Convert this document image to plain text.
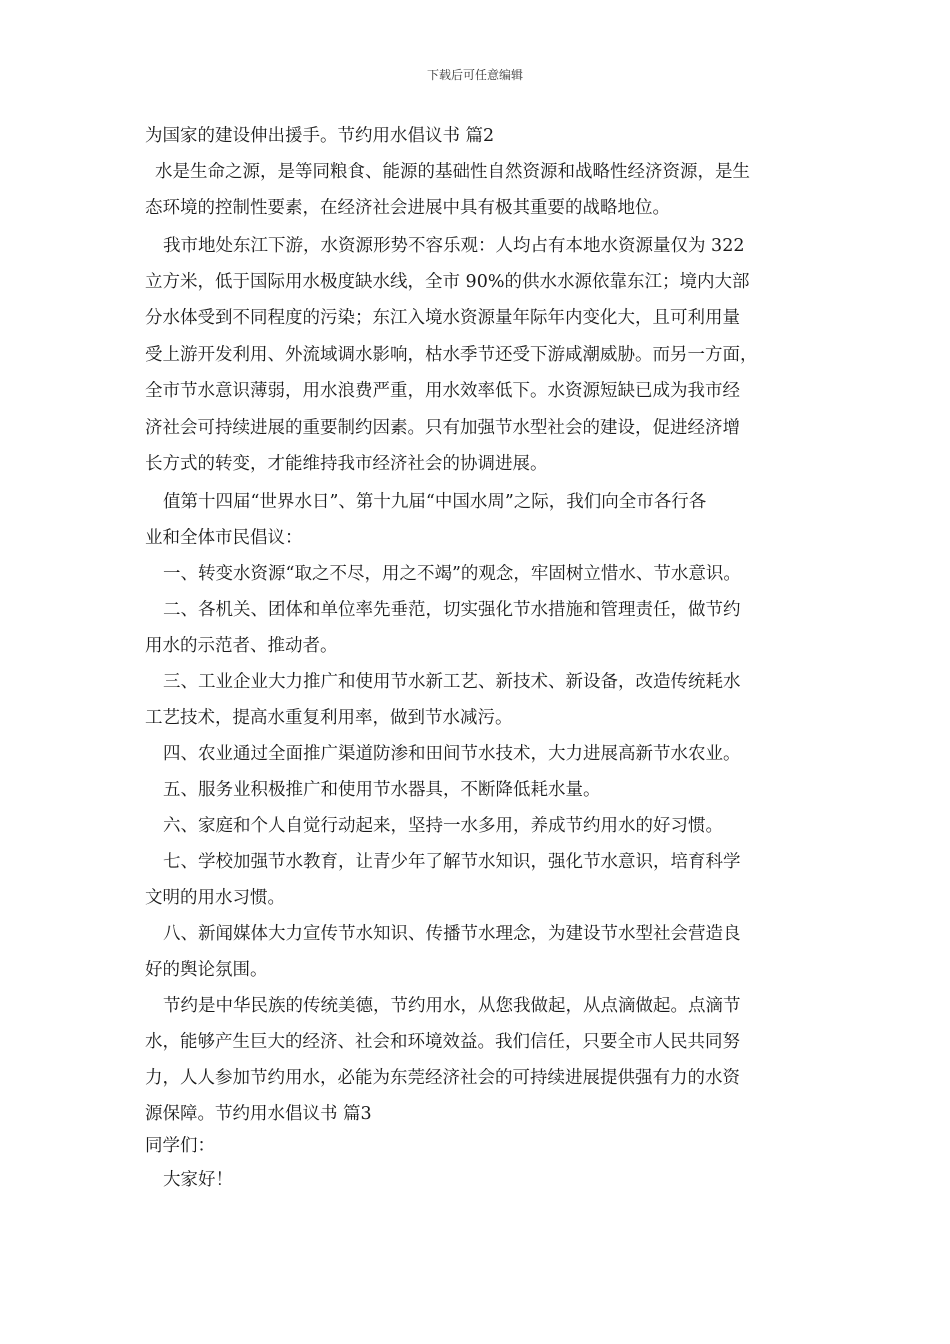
下载后可任意编辑
为国家的建设伸出援手。节约用水倡议书 篇2
水是生命之源，是等同粮食、能源的基础性自然资源和战略性经济资源，是生
态环境的控制性要素，在经济社会进展中具有极其重要的战略地位。
我市地处东江下游，水资源形势不容乐观：人均占有本地水资源量仅为 322
立方米，低于国际用水极度缺水线，全市 90%的供水水源依靠东江；境内大部
分水体受到不同程度的污染；东江入境水资源量年际年内变化大，且可利用量
受上游开发利用、外流域调水影响，枯水季节还受下游咸潮威胁。而另一方面，
全市节水意识薄弱，用水浪费严重，用水效率低下。水资源短缺已成为我市经
济社会可持续进展的重要制约因素。只有加强节水型社会的建设，促进经济增
长方式的转变，才能维持我市经济社会的协调进展。
值第十四届“世界水日”、第十九届“中国水周”之际，我们向全市各行各
业和全体市民倡议：
一、转变水资源“取之不尽，用之不竭”的观念，牢固树立惜水、节水意识。
二、各机关、团体和单位率先垂范，切实强化节水措施和管理责任，做节约
用水的示范者、推动者。
三、工业企业大力推广和使用节水新工艺、新技术、新设备，改造传统耗水
工艺技术，提高水重复利用率，做到节水减污。
四、农业通过全面推广渠道防渗和田间节水技术，大力进展高新节水农业。
五、服务业积极推广和使用节水器具，不断降低耗水量。
六、家庭和个人自觉行动起来，坚持一水多用，养成节约用水的好习惯。
七、学校加强节水教育，让青少年了解节水知识，强化节水意识，培育科学
文明的用水习惯。
八、新闻媒体大力宣传节水知识、传播节水理念，为建设节水型社会营造良
好的舆论氛围。
节约是中华民族的传统美德，节约用水，从您我做起，从点滴做起。点滴节
水，能够产生巨大的经济、社会和环境效益。我们信任，只要全市人民共同努
力，人人参加节约用水，必能为东莞经济社会的可持续进展提供强有力的水资
源保障。节约用水倡议书 篇3
同学们：
大家好！
